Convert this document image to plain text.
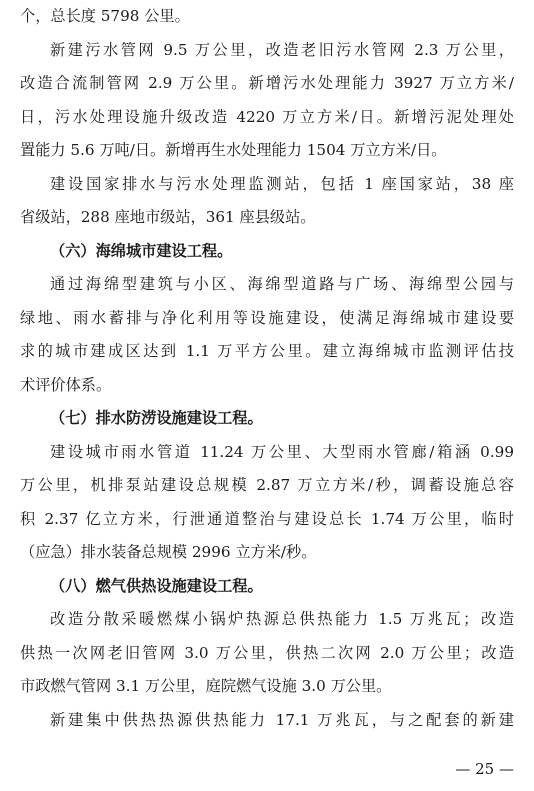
个，总长度 5798 公里。
新建污水管网 9.5 万公里，改造老旧污水管网 2.3 万公里，
改造合流制管网 2.9 万公里。新增污水处理能力 3927 万立方米/
日，污水处理设施升级改造 4220 万立方米/日。新增污泥处理处
置能力 5.6 万吨/日。新增再生水处理能力 1504 万立方米/日。
建设国家排水与污水处理监测站，包括 1 座国家站，38 座
省级站，288 座地市级站，361 座县级站。
（六）海绵城市建设工程。
通过海绵型建筑与小区、海绵型道路与广场、海绵型公园与
绿地、雨水蓄排与净化利用等设施建设，使满足海绵城市建设要
求的城市建成区达到 1.1 万平方公里。建立海绵城市监测评估技
术评价体系。
（七）排水防涝设施建设工程。
建设城市雨水管道 11.24 万公里、大型雨水管廊/箱涵 0.99
万公里，机排泵站建设总规模 2.87 万立方米/秒，调蓄设施总容
积 2.37 亿立方米，行泄通道整治与建设总长 1.74 万公里，临时
（应急）排水装备总规模 2996 立方米/秒。
（八）燃气供热设施建设工程。
改造分散采暖燃煤小锅炉热源总供热能力 1.5 万兆瓦；改造
供热一次网老旧管网 3.0 万公里，供热二次网 2.0 万公里；改造
市政燃气管网 3.1 万公里，庭院燃气设施 3.0 万公里。
新建集中供热热源供热能力 17.1 万兆瓦，与之配套的新建
— 25 —
